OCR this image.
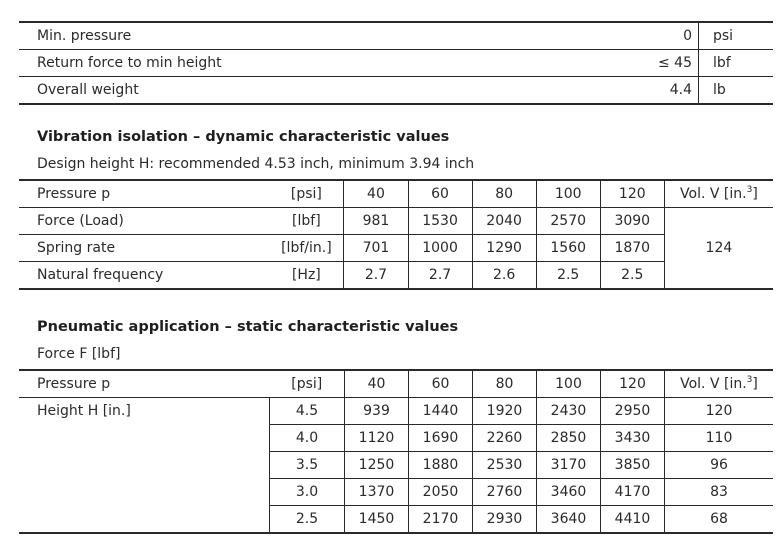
Min. pressure	0	psi
Return force to min height	≤ 45	lbf
Overall weight	4.4	lb
Vibration isolation – dynamic characteristic values
Design height H: recommended 4.53 inch, minimum 3.94 inch
Pressure p	[psi]	40	60	80	100	120	Vol. V [in.$^3$]
Force (Load)	[lbf]	981	1530	2040	2570	3090	124
Spring rate	[lbf/in.]	701	1000	1290	1560	1870	
Natural frequency	[Hz]	2.7	2.7	2.6	2.5	2.5	
Pneumatic application – static characteristic values
Force F [lbf]
Pressure p	[psi]	40	60	80	100	120	Vol. V [in.$^3$]
Height H [in.]	4.5	939	1440	1920	2430	2950	120
	4.0	1120	1690	2260	2850	3430	110
	3.5	1250	1880	2530	3170	3850	96
	3.0	1370	2050	2760	3460	4170	83
	2.5	1450	2170	2930	3640	4410	68
